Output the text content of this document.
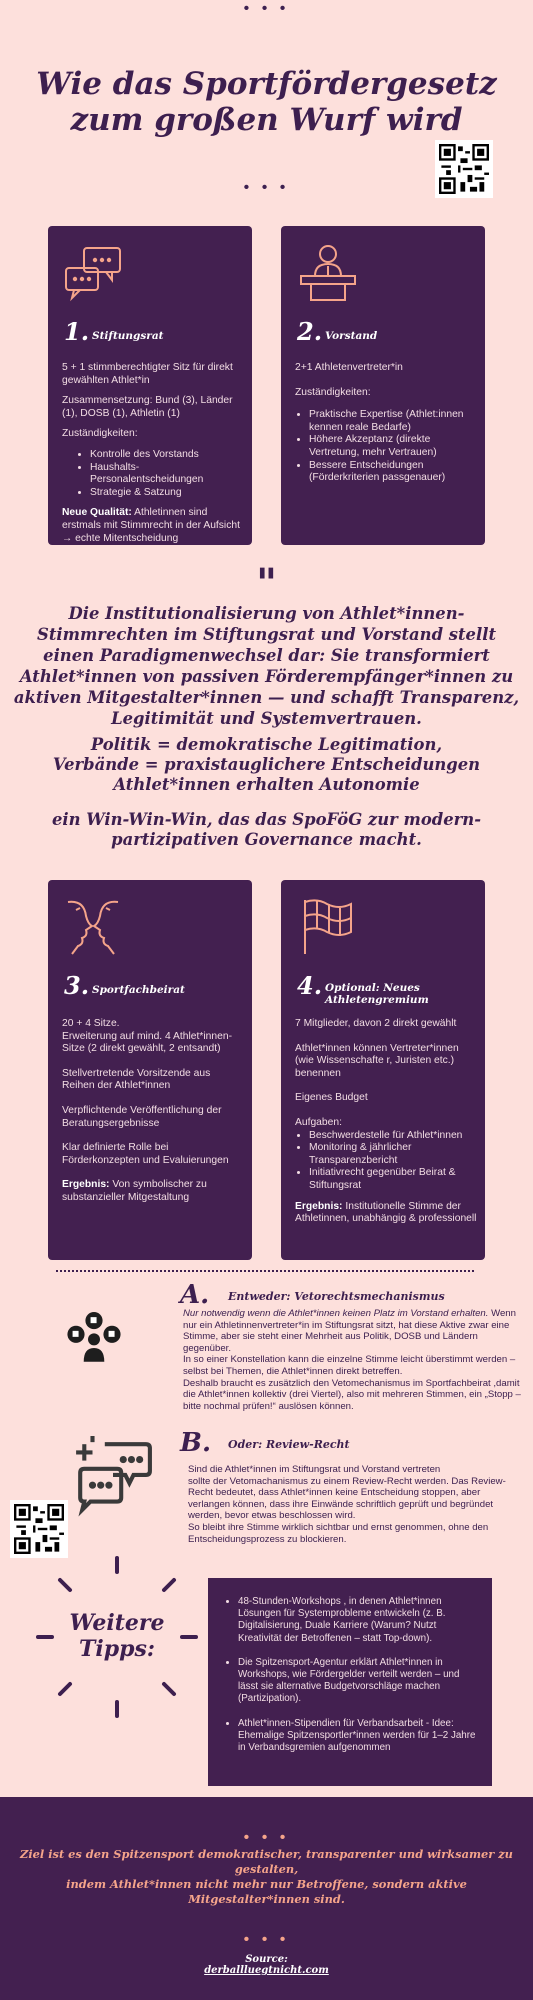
• • •
Wie das Sportfördergesetz
zum großen Wurf wird
• • •
1. Stiftungsrat

5 + 1 stimmberechtigter Sitz für direkt gewählten Athlet*in

Zusammensetzung: Bund (3), Länder (1), DOSB (1), Athletin (1)

Zuständigkeiten:

• Kontrolle des Vorstands
• Haushalts-
Personalentscheidungen
• Strategie & Satzung

Neue Qualität: Athletinnen sind erstmals mit Stimmrecht in der Aufsicht → echte Mitentscheidung

2. Vorstand

2+1 Athletenvertreter*in

Zuständigkeiten:

• Praktische Expertise (Athlet:innen kennen reale Bedarfe)
• Höhere Akzeptanz (direkte Vertretung, mehr Vertrauen)
• Bessere Entscheidungen (Förderkriterien passgenauer)
"

Die Institutionalisierung von Athlet*innen-Stimmrechten im Stiftungsrat und Vorstand stellt einen Paradigmenwechsel dar: Sie transformiert Athlet*innen von passiven Förderempfänger*innen zu aktiven Mitgestalter*innen — und schafft Transparenz, Legitimität und Systemvertrauen.

Politik = demokratische Legitimation,
Verbände = praxistauglichere Entscheidungen
Athlet*innen erhalten Autonomie

ein Win-Win-Win, das das SpoFöG zur modern-
partizipativen Governance macht.

3. Sportfachbeirat

20 + 4 Sitze.
Erweiterung auf mind. 4 Athlet*innen-Sitze (2 direkt gewählt, 2 entsandt)

Stellvertretende Vorsitzende aus Reihen der Athlet*innen

Verpflichtende Veröffentlichung der Beratungsergebnisse

Klar definierte Rolle bei Förderkonzepten und Evaluierungen

Ergebnis: Von symbolischer zu substanzieller Mitgestaltung

4. Optional: Neues Athletengremium

7 Mitglieder, davon 2 direkt gewählt

Athlet*innen können Vertreter*innen (wie Wissenschafte r, Juristen etc.) benennen

Eigenes Budget

Aufgaben:

• Beschwerdestelle für Athlet*innen
• Monitoring & jährlicher Transparenzbericht
• Initiativrecht gegenüber Beirat & Stiftungsrat

Ergebnis: Institutionelle Stimme der Athletinnen, unabhängig & professionell

A. Entweder: Vetorechtsmechanismus
Nur notwendig wenn die Athlet*innen keinen Platz im Vorstand erhalten. Wenn nur ein Athletinnenvertreter*in im Stiftungsrat sitzt, hat diese Aktive zwar eine Stimme, aber sie steht einer Mehrheit aus Politik, DOSB und Ländern gegenüber.
In so einer Konstellation kann die einzelne Stimme leicht überstimmt werden –selbst bei Themen, die Athlet*innen direkt betreffen.
Deshalb braucht es zusätzlich den Vetomechanismus im Sportfachbeirat ,damit die Athlet*innen kollektiv (drei Viertel), also mit mehreren Stimmen, ein „Stopp – bitte nochmal prüfen!“ auslösen können.
B. Oder: Review-Recht
Sind die Athlet*innen im Stiftungsrat und Vorstand vertreten
sollte der Vetomachanismus zu einem Review-Recht werden. Das Review-Recht bedeutet, dass Athlet*innen keine Entscheidung stoppen, aber verlangen können, dass ihre Einwände schriftlich geprüft und begründet werden, bevor etwas beschlossen wird.
So bleibt ihre Stimme wirklich sichtbar und ernst genommen, ohne den Entscheidungsprozess zu blockieren.
Weitere
Tipps:
• 48-Stunden-Workshops , in denen Athlet*innen Lösungen für Systemprobleme entwickeln (z. B. Digitalisierung, Duale Karriere (Warum? Nutzt Kreativität der Betroffenen – statt Top-down).
• Die Spitzensport-Agentur erklärt Athlet*innen in Workshops, wie Fördergelder verteilt werden – und lässt sie alternative Budgetvorschläge machen (Partizipation).
• Athlet*innen-Stipendien für Verbandsarbeit - Idee: Ehemalige Spitzensportler*innen werden für 1–2 Jahre in Verbandsgremien aufgenommen
• • •

Ziel ist es den Spitzensport demokratischer, transparenter und wirksamer zu gestalten,
indem Athlet*innen nicht mehr nur Betroffene, sondern aktive Mitgestalter*innen sind.

• • •
Source:
derballluegtnicht.com
